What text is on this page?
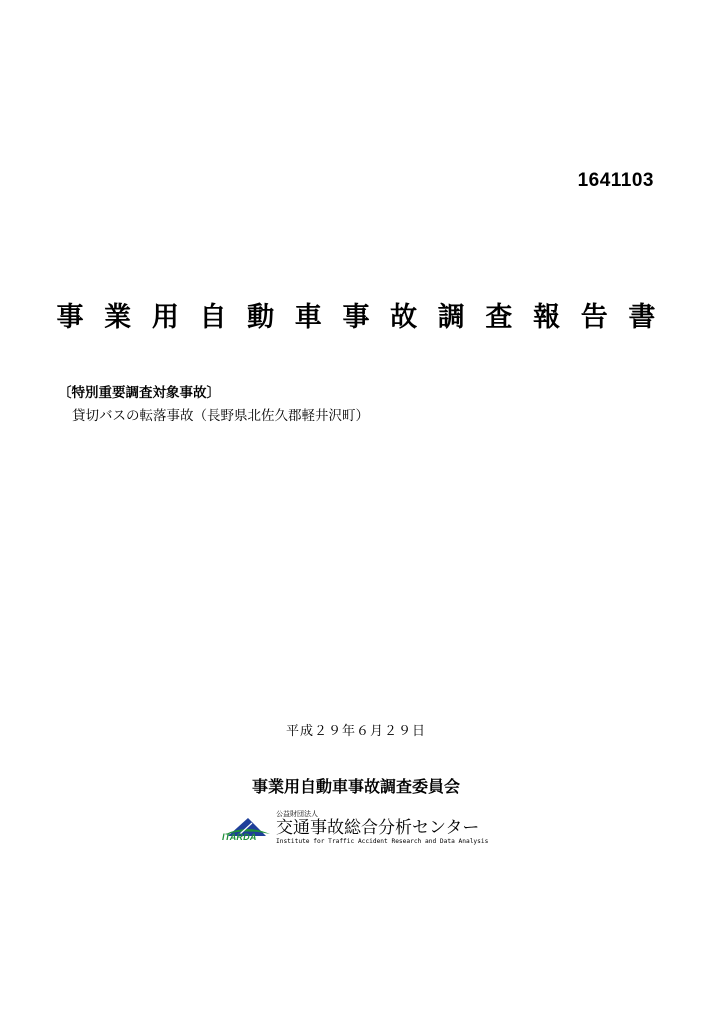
1641103
事 業 用 自 動 車 事 故 調 査 報 告 書
〔特別重要調査対象事故〕
貸切バスの転落事故（長野県北佐久郡軽井沢町）
平成２９年６月２９日
事業用自動車事故調査委員会
ITARDA
公益財団法人
交通事故総合分析センター
Institute for Traffic Accident Research and Data Analysis
